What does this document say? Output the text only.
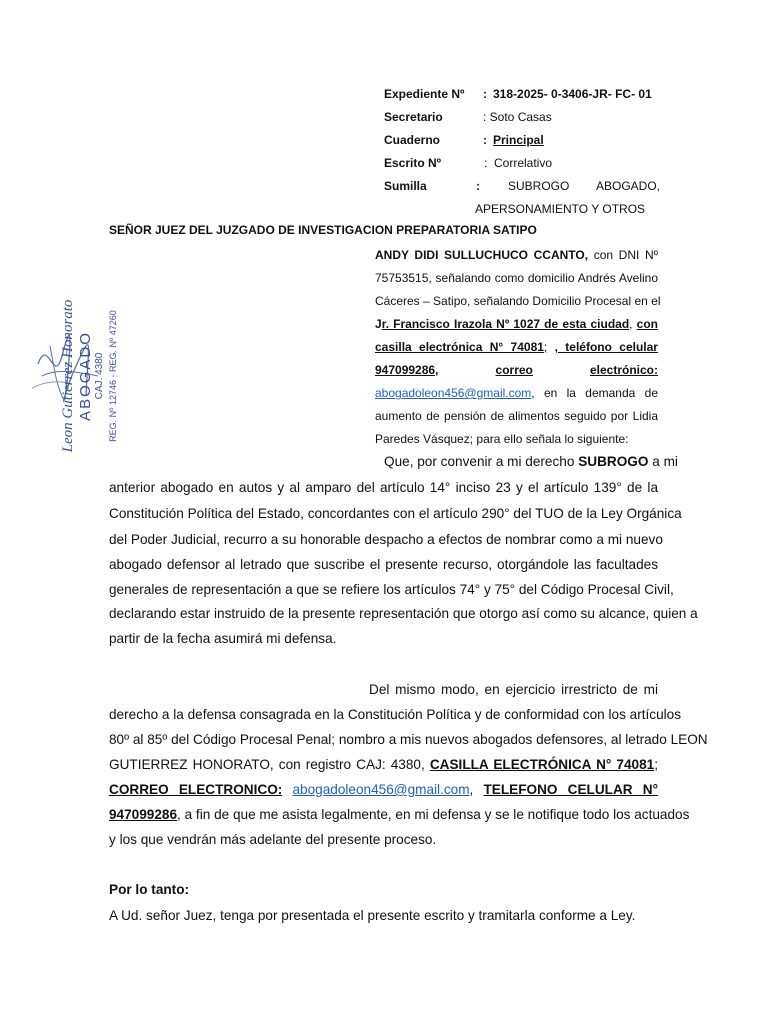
Expediente Nº : 318-2025- 0-3406-JR- FC- 01
Secretario	: Soto Casas
Cuaderno	: Principal
Escrito Nº	: Correlativo
Sumilla	: SUBROGO ABOGADO,
APERSONAMIENTO Y OTROS
SEÑOR JUEZ DEL JUZGADO DE INVESTIGACION PREPARATORIA SATIPO
Leon Gutierrez Honorato ABOGADO CAJ. 4380 REG. Nº 12746 - REG. Nº 47260
ANDY DIDI SULLUCHUCO CCANTO, con DNI Nº
75753515, señalando como domicilio Andrés Avelino
Cáceres – Satipo, señalando Domicilio Procesal en el
Jr. Francisco Irazola Nº 1027 de esta ciudad, con
casilla electrónica N° 74081; , teléfono celular
947099286,	correo	electrónico:
abogadoleon456@gmail.com, en la demanda de
aumento de pensión de alimentos seguido por Lidia
Paredes Vásquez; para ello señala lo siguiente:
Que, por convenir a mi derecho SUBROGO a mi
anterior abogado en autos y al amparo del artículo 14° inciso 23 y el artículo 139° de la
Constitución Política del Estado, concordantes con el artículo 290° del TUO de la Ley Orgánica
del Poder Judicial, recurro a su honorable despacho a efectos de nombrar como a mi nuevo
abogado defensor al letrado que suscribe el presente recurso, otorgándole las facultades
generales de representación a que se refiere los artículos 74° y 75° del Código Procesal Civil,
declarando estar instruido de la presente representación que otorgo así como su alcance, quien a
partir de la fecha asumirá mi defensa.
Del mismo modo, en ejercicio irrestricto de mi
derecho a la defensa consagrada en la Constitución Política y de conformidad con los artículos
80º al 85º del Código Procesal Penal; nombro a mis nuevos abogados defensores, al letrado LEON
GUTIERREZ HONORATO, con registro CAJ: 4380, CASILLA ELECTRÓNICA N° 74081;
CORREO ELECTRONICO: abogadoleon456@gmail.com, TELEFONO CELULAR N°
947099286, a fin de que me asista legalmente, en mi defensa y se le notifique todo los actuados
y los que vendrán más adelante del presente proceso.
Por lo tanto:
A Ud. señor Juez, tenga por presentada el presente escrito y tramitarla conforme a Ley.
